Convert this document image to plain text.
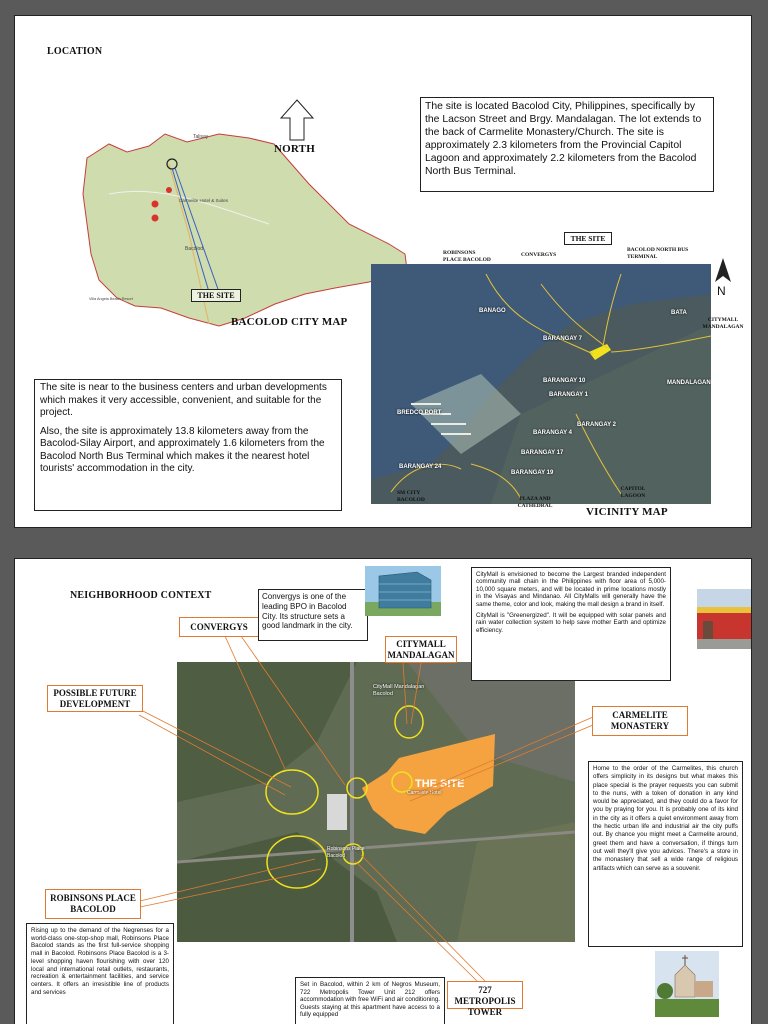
LOCATION
Talisay
Carmelite Hotel & Suites
Bacolod
Villa Angela Beach Resort	THE SITE
BACOLOD CITY MAP
NORTH

The site is located Bacolod City, Philippines, specifically by the Lacson Street and Brgy. Mandalagan. The lot extends to the back of Carmelite Monastery/Church. The site is approximately 2.3 kilometers from the Provincial Capitol Lagoon and approximately 2.2 kilometers from the Bacolod North Bus Terminal.

The site is near to the business centers and urban developments which makes it very accessible, convenient, and suitable for the project.

Also, the site is approximately 13.8 kilometers away from the Bacolod-Silay Airport, and approximately 1.6 kilometers from the Bacolod North Bus Terminal which makes it the nearest hotel tourists' accommodation in the city.

BANAGO	BATA
BARANGAY 7
BARANGAY 10	MANDALAGAN
BREDCO PORT
BARANGAY 1
BARANGAY 2
BARANGAY 4
BARANGAY 17
BARANGAY 24
BARANGAY 19
THE SITE
ROBINSONS PLACE BACOLOD
CONVERGYS
BACOLOD NORTH BUS TERMINAL
CITYMALL MANDALAGAN
SM CITY BACOLOD	PLAZA AND CATHEDRAL
CAPITOL LAGOON
N
VICINITY MAP
NEIGHBORHOOD CONTEXT
CityMall Mandalagan Bacolod
Robinsons Place Bacolod
Carmelite Hotel
THE SITE
CONVERGYS
CITYMALL MANDALAGAN
POSSIBLE FUTURE DEVELOPMENT
CARMELITE MONASTERY
ROBINSONS PLACE BACOLOD
727 METROPOLIS TOWER

Convergys is one of the leading BPO in Bacolod City. Its structure sets a good landmark in the city.

CityMall is envisioned to become the Largest branded independent community mall chain in the Philippines with floor area of 5,000-10,000 square meters, and will be located in prime locations mostly in the Visayas and Mindanao. All CityMalls will generally have the same theme, color and look, making the mall design a brand in itself.

CityMall is "Greenergized". It will be equipped with solar panels and rain water collection system to help save mother Earth and optimize efficiency.

Home to the order of the Carmelites, this church offers simplicity in its designs but what makes this place special is the prayer requests you can submit to the nuns, with a token of donation in any kind would be appreciated, and they could do a favor for you by praying for you. It is probably one of its kind in the city as it offers a quiet environment away from the hectic urban life and industrial air the city puffs out. By chance you might meet a Carmelite around, greet them and have a conversation, if things turn out well they'll give you advices. There's a store in the monastery that sell a wide range of religious artifacts which can serve as a souvenir.

Rising up to the demand of the Negrenses for a world-class one-stop-shop mall, Robinsons Place Bacolod stands as the first full-service shopping mall in Bacolod. Robinsons Place Bacolod is a 3-level shopping haven flourishing with over 120 local and international retail outlets, restaurants, recreation & entertainment facilities, and service centers. It offers an irresistible line of products and services

Set in Bacolod, within 2 km of Negros Museum, 722 Metropolis Tower Unit 212 offers accommodation with free WiFi and air conditioning. Guests staying at this apartment have access to a fully equipped
